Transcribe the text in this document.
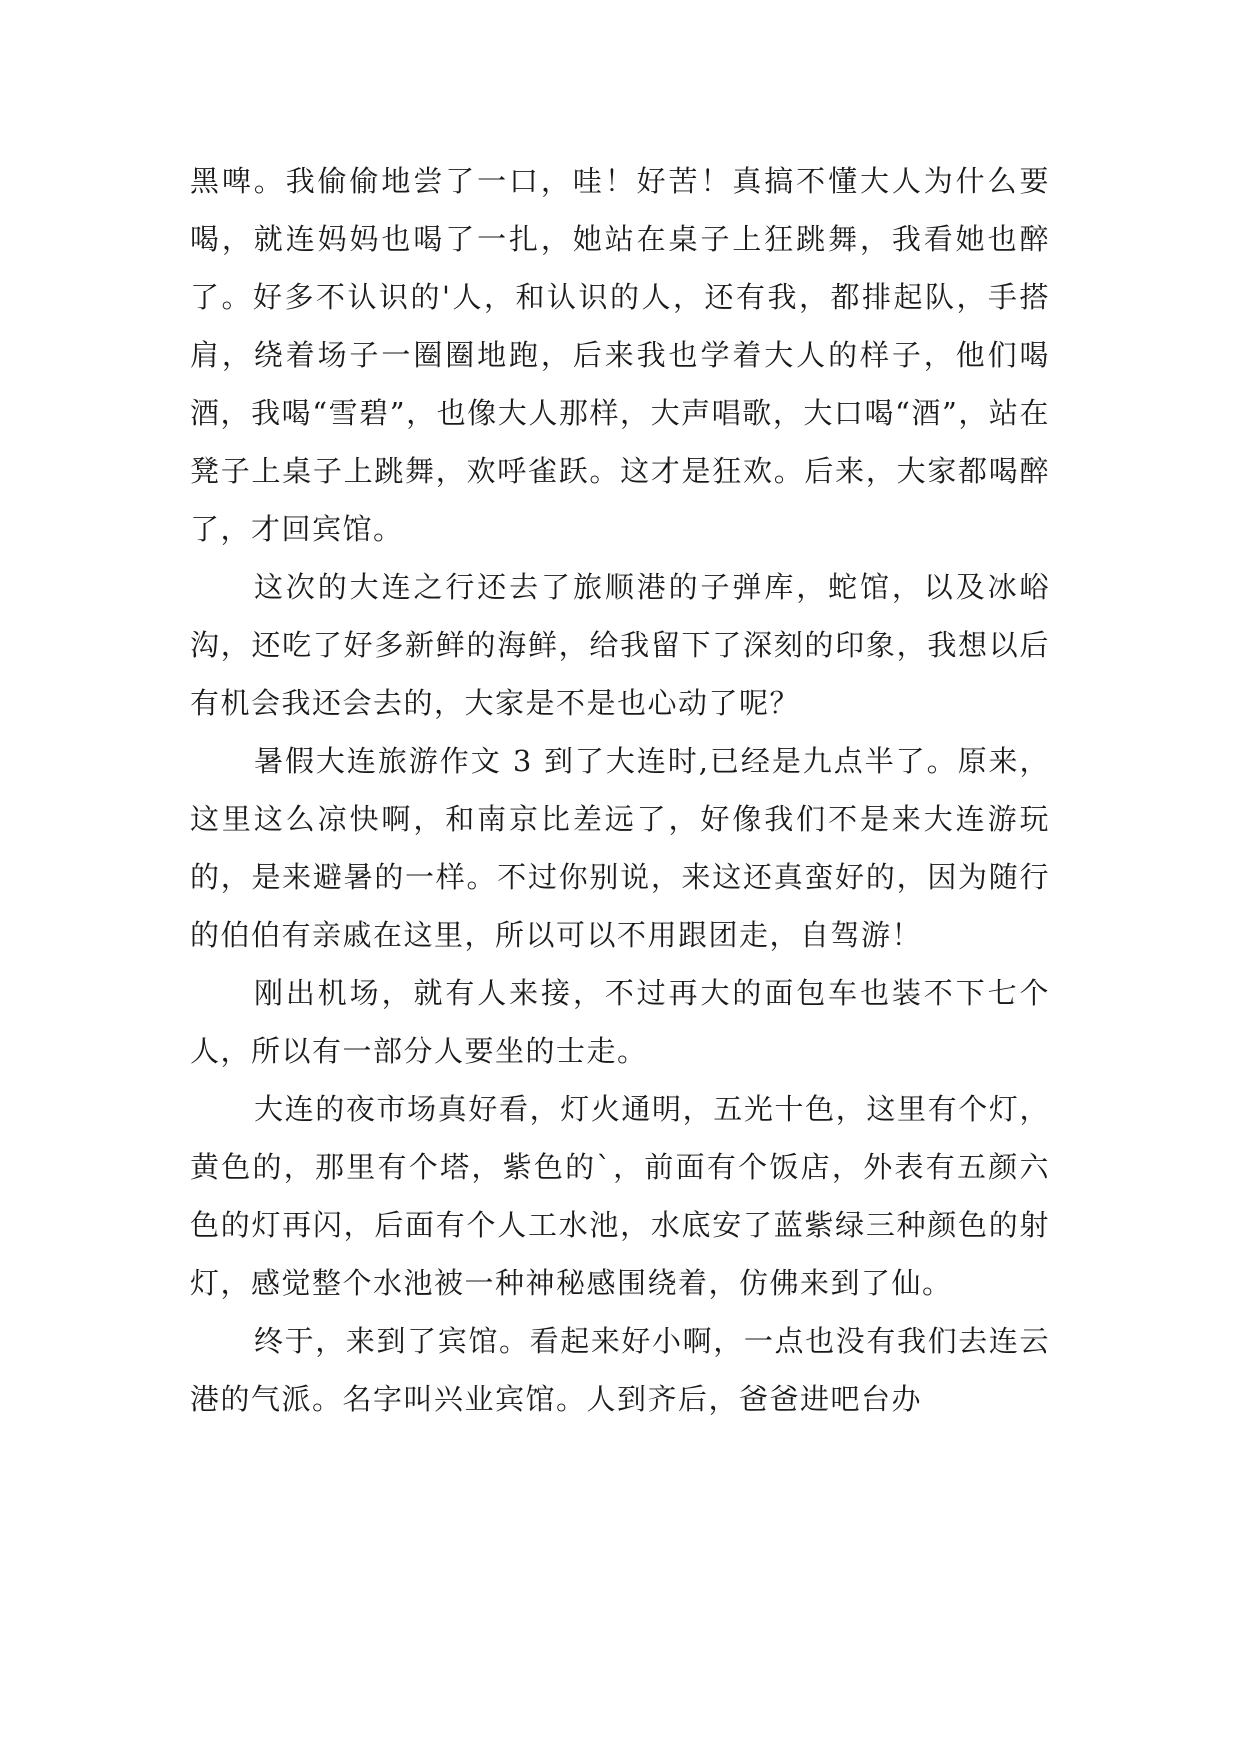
黑啤。我偷偷地尝了一口，哇！好苦！真搞不懂大人为什么要喝，就连妈妈也喝了一扎，她站在桌子上狂跳舞，我看她也醉了。好多不认识的'人，和认识的人，还有我，都排起队，手搭肩，绕着场子一圈圈地跑，后来我也学着大人的样子，他们喝酒，我喝“雪碧”，也像大人那样，大声唱歌，大口喝“酒”，站在凳子上桌子上跳舞，欢呼雀跃。这才是狂欢。后来，大家都喝醉了，才回宾馆。

这次的大连之行还去了旅顺港的子弹库，蛇馆，以及冰峪沟，还吃了好多新鲜的海鲜，给我留下了深刻的印象，我想以后有机会我还会去的，大家是不是也心动了呢？

暑假大连旅游作文 3 到了大连时,已经是九点半了。原来，这里这么凉快啊，和南京比差远了，好像我们不是来大连游玩的，是来避暑的一样。不过你别说，来这还真蛮好的，因为随行的伯伯有亲戚在这里，所以可以不用跟团走，自驾游！

刚出机场，就有人来接，不过再大的面包车也装不下七个人，所以有一部分人要坐的士走。

大连的夜市场真好看，灯火通明，五光十色，这里有个灯，黄色的，那里有个塔，紫色的`，前面有个饭店，外表有五颜六色的灯再闪，后面有个人工水池，水底安了蓝紫绿三种颜色的射灯，感觉整个水池被一种神秘感围绕着，仿佛来到了仙。

终于，来到了宾馆。看起来好小啊，一点也没有我们去连云港的气派。名字叫兴业宾馆。人到齐后，爸爸进吧台办
